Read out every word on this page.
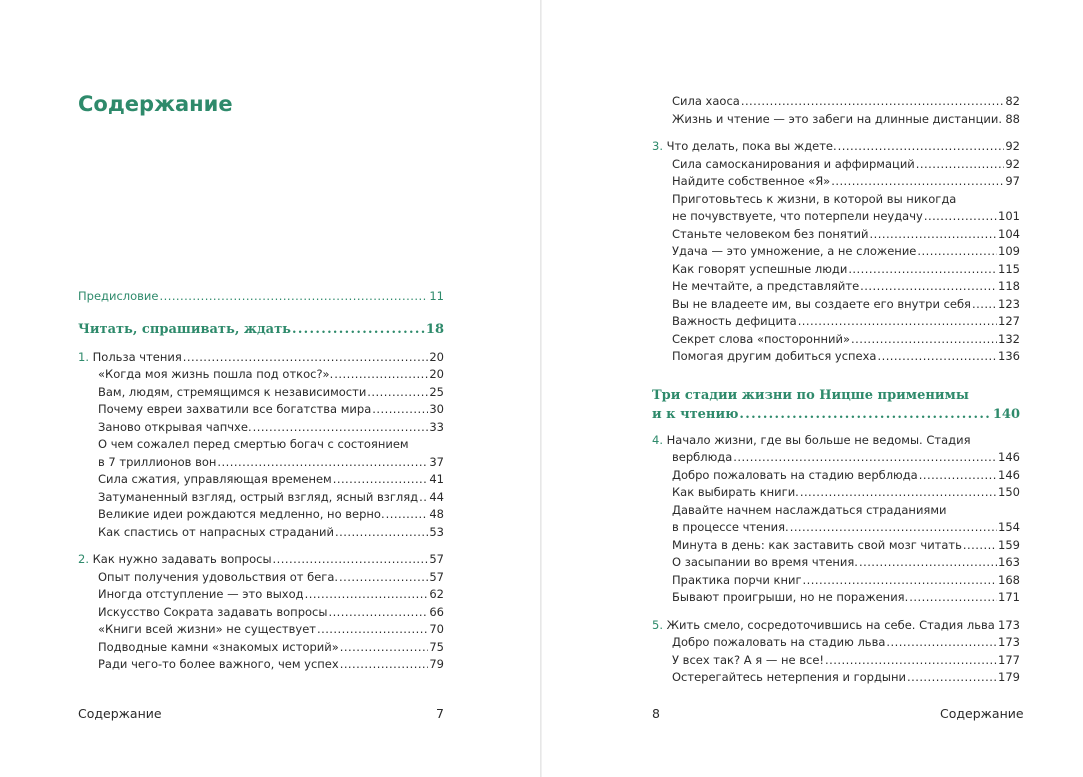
Содержание
Предисловие . . .	11
Читать, спрашивать, ждать . . .	18
1. Польза чтения . . .	20
«Когда моя жизнь пошла под откос?». . . .	20
Вам, людям, стремящимся к независимости . . .	25
Почему евреи захватили все богатства мира . . .	30
Заново открывая чапчхе. . . .	33
О чем сожалел перед смертью богач с состоянием
в 7 триллионов вон . . .	37
Сила сжатия, управляющая временем . . .	41
Затуманенный взгляд, острый взгляд, ясный взгляд . . . 44
Великие идеи рождаются медленно, но верно. . . .	48
Как спастись от напрасных страданий . . .	53
2. Как нужно задавать вопросы . . .	57
Опыт получения удовольствия от бега. . . .	57
Иногда отступление — это выход . . .	62
Искусство Сократа задавать вопросы . . .	66
«Книги всей жизни» не существует . . .	70
Подводные камни «знакомых историй» . . .	75
Ради чего-то более важного, чем успех . . .	79
Содержание	7
Сила хаоса . . .	82
Жизнь и чтение — это забеги на длинные дистанции. . . . 88
3. Что делать, пока вы ждете. . . .	92
Сила самосканирования и аффирмаций . . .	92
Найдите собственное «Я» . . .	97
Приготовьтесь к жизни, в которой вы никогда
не почувствуете, что потерпели неудачу . . .	101
Станьте человеком без понятий . . .	104
Удача — это умножение, а не сложение . . .	109
Как говорят успешные люди . . .	115
Не мечтайте, а представляйте . . .	118
Вы не владеете им, вы создаете его внутри себя . . . 123
Важность дефицита . . .	127
Секрет слова «посторонний» . . .	132
Помогая другим добиться успеха . . .	136
Три стадии жизни по Ницше применимы
и к чтению . . .	140
4. Начало жизни, где вы больше не ведомы. Стадия
верблюда . . .	146
Добро пожаловать на стадию верблюда . . .	146
Как выбирать книги. . . .	150
Давайте начнем наслаждаться страданиями
в процессе чтения. . . .	154
Минута в день: как заставить свой мозг читать . . .	159
О засыпании во время чтения. . . .	163
Практика порчи книг . . .	168
Бывают проигрыши, но не поражения. . . .	171
5. Жить смело, сосредоточившись на себе. Стадия льва . . . 173
Добро пожаловать на стадию льва . . .	173
У всех так? А я — не все! . . .	177
Остерегайтесь нетерпения и гордыни . . .	179
8	Содержание
